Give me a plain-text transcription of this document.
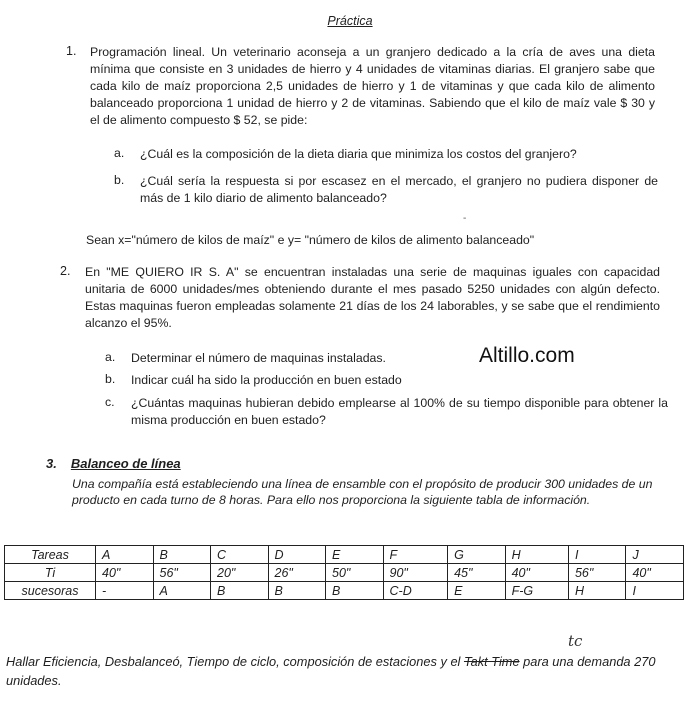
Práctica
1. Programación lineal. Un veterinario aconseja a un granjero dedicado a la cría de aves una dieta mínima que consiste en 3 unidades de hierro y 4 unidades de vitaminas diarias. El granjero sabe que cada kilo de maíz proporciona 2,5 unidades de hierro y 1 de vitaminas y que cada kilo de alimento balanceado proporciona 1 unidad de hierro y 2 de vitaminas. Sabiendo que el kilo de maíz vale $ 30 y el de alimento compuesto $ 52, se pide:

a. ¿Cuál es la composición de la dieta diaria que minimiza los costos del granjero?
b. ¿Cuál sería la respuesta si por escasez en el mercado, el granjero no pudiera disponer de más de 1 kilo diario de alimento balanceado?
-
Sean x="número de kilos de maíz" e y= "número de kilos de alimento balanceado"
2. En "ME QUIERO IR S. A" se encuentran instaladas una serie de maquinas iguales con capacidad unitaria de 6000 unidades/mes obteniendo durante el mes pasado 5250 unidades con algún defecto. Estas maquinas fueron empleadas solamente 21 días de los 24 laborables, y se sabe que el rendimiento alcanzo el 95%.

a. Determinar el número de maquinas instaladas.
b. Indicar cuál ha sido la producción en buen estado
c. ¿Cuántas maquinas hubieran debido emplearse al 100% de su tiempo disponible para obtener la misma producción en buen estado?
Altillo.com
3. Balanceo de línea

Una compañía está estableciendo una línea de ensamble con el propósito de producir 300 unidades de un producto en cada turno de 8 horas. Para ello nos proporciona la siguiente tabla de información.

Tareas	A	B	C	D	E	F	G	H	I	J
Ti	40"	56"	20"	26"	50"	90"	45"	40"	56"	40"
sucesoras	-	A	B	B	B	C-D	E	F-G	H	I
tc
Hallar Eficiencia, Desbalanceó, Tiempo de ciclo, composición de estaciones y el Takt Time para una demanda 270 unidades.
